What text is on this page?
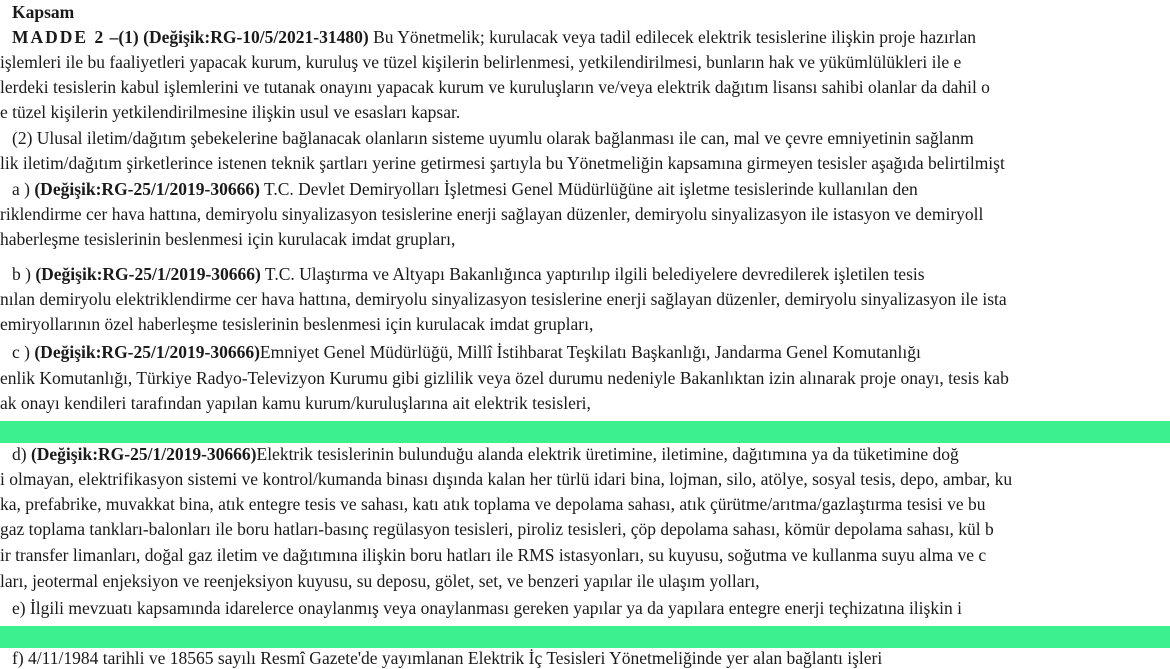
Kapsam
MADDE 2 –(1) (Değişik:RG-10/5/2021-31480) Bu Yönetmelik; kurulacak veya tadil edilecek elektrik tesislerine ilişkin proje hazırlan
işlemleri ile bu faaliyetleri yapacak kurum, kuruluş ve tüzel kişilerin belirlenmesi, yetkilendirilmesi, bunların hak ve yükümlülükleri ile e
lerdeki tesislerin kabul işlemlerini ve tutanak onayını yapacak kurum ve kuruluşların ve/veya elektrik dağıtım lisansı sahibi olanlar da dahil o
e tüzel kişilerin yetkilendirilmesine ilişkin usul ve esasları kapsar.
(2) Ulusal iletim/dağıtım şebekelerine bağlanacak olanların sisteme uyumlu olarak bağlanması ile can, mal ve çevre emniyetinin sağlanm
lik iletim/dağıtım şirketlerince istenen teknik şartları yerine getirmesi şartıyla bu Yönetmeliğin kapsamına girmeyen tesisler aşağıda belirtilmişt
a ) (Değişik:RG-25/1/2019-30666) T.C. Devlet Demiryolları İşletmesi Genel Müdürlüğüne ait işletme tesislerinde kullanılan den
riklendirme cer hava hattına, demiryolu sinyalizasyon tesislerine enerji sağlayan düzenler, demiryolu sinyalizasyon ile istasyon ve demiryoll
haberleşme tesislerinin beslenmesi için kurulacak imdat grupları,
b ) (Değişik:RG-25/1/2019-30666) T.C. Ulaştırma ve Altyapı Bakanlığınca yaptırılıp ilgili belediyelere devredilerek işletilen tesis
nılan demiryolu elektriklendirme cer hava hattına, demiryolu sinyalizasyon tesislerine enerji sağlayan düzenler, demiryolu sinyalizasyon ile ista
emiryollarının özel haberleşme tesislerinin beslenmesi için kurulacak imdat grupları,
c ) (Değişik:RG-25/1/2019-30666)Emniyet Genel Müdürlüğü, Millî İstihbarat Teşkilatı Başkanlığı, Jandarma Genel Komutanlığı
enlik Komutanlığı, Türkiye Radyo-Televizyon Kurumu gibi gizlilik veya özel durumu nedeniyle Bakanlıktan izin alınarak proje onayı, tesis kab
ak onayı kendileri tarafından yapılan kamu kurum/kuruluşlarına ait elektrik tesisleri,
d) (Değişik:RG-25/1/2019-30666)Elektrik tesislerinin bulunduğu alanda elektrik üretimine, iletimine, dağıtımına ya da tüketimine doğ
i olmayan, elektrifikasyon sistemi ve kontrol/kumanda binası dışında kalan her türlü idari bina, lojman, silo, atölye, sosyal tesis, depo, ambar, ku
ka, prefabrike, muvakkat bina, atık entegre tesis ve sahası, katı atık toplama ve depolama sahası, atık çürütme/arıtma/gazlaştırma tesisi ve bu
gaz toplama tankları-balonları ile boru hatları-basınç regülasyon tesisleri, piroliz tesisleri, çöp depolama sahası, kömür depolama sahası, kül b
ir transfer limanları, doğal gaz iletim ve dağıtımına ilişkin boru hatları ile RMS istasyonları, su kuyusu, soğutma ve kullanma suyu alma ve c
ları, jeotermal enjeksiyon ve reenjeksiyon kuyusu, su deposu, gölet, set, ve benzeri yapılar ile ulaşım yolları,
e) İlgili mevzuatı kapsamında idarelerce onaylanmış veya onaylanması gereken yapılar ya da yapılara entegre enerji teçhizatına ilişkin i
f) 4/11/1984 tarihli ve 18565 sayılı Resmî Gazete'de yayımlanan Elektrik İç Tesisleri Yönetmeliğinde yer alan bağlantı işleri
